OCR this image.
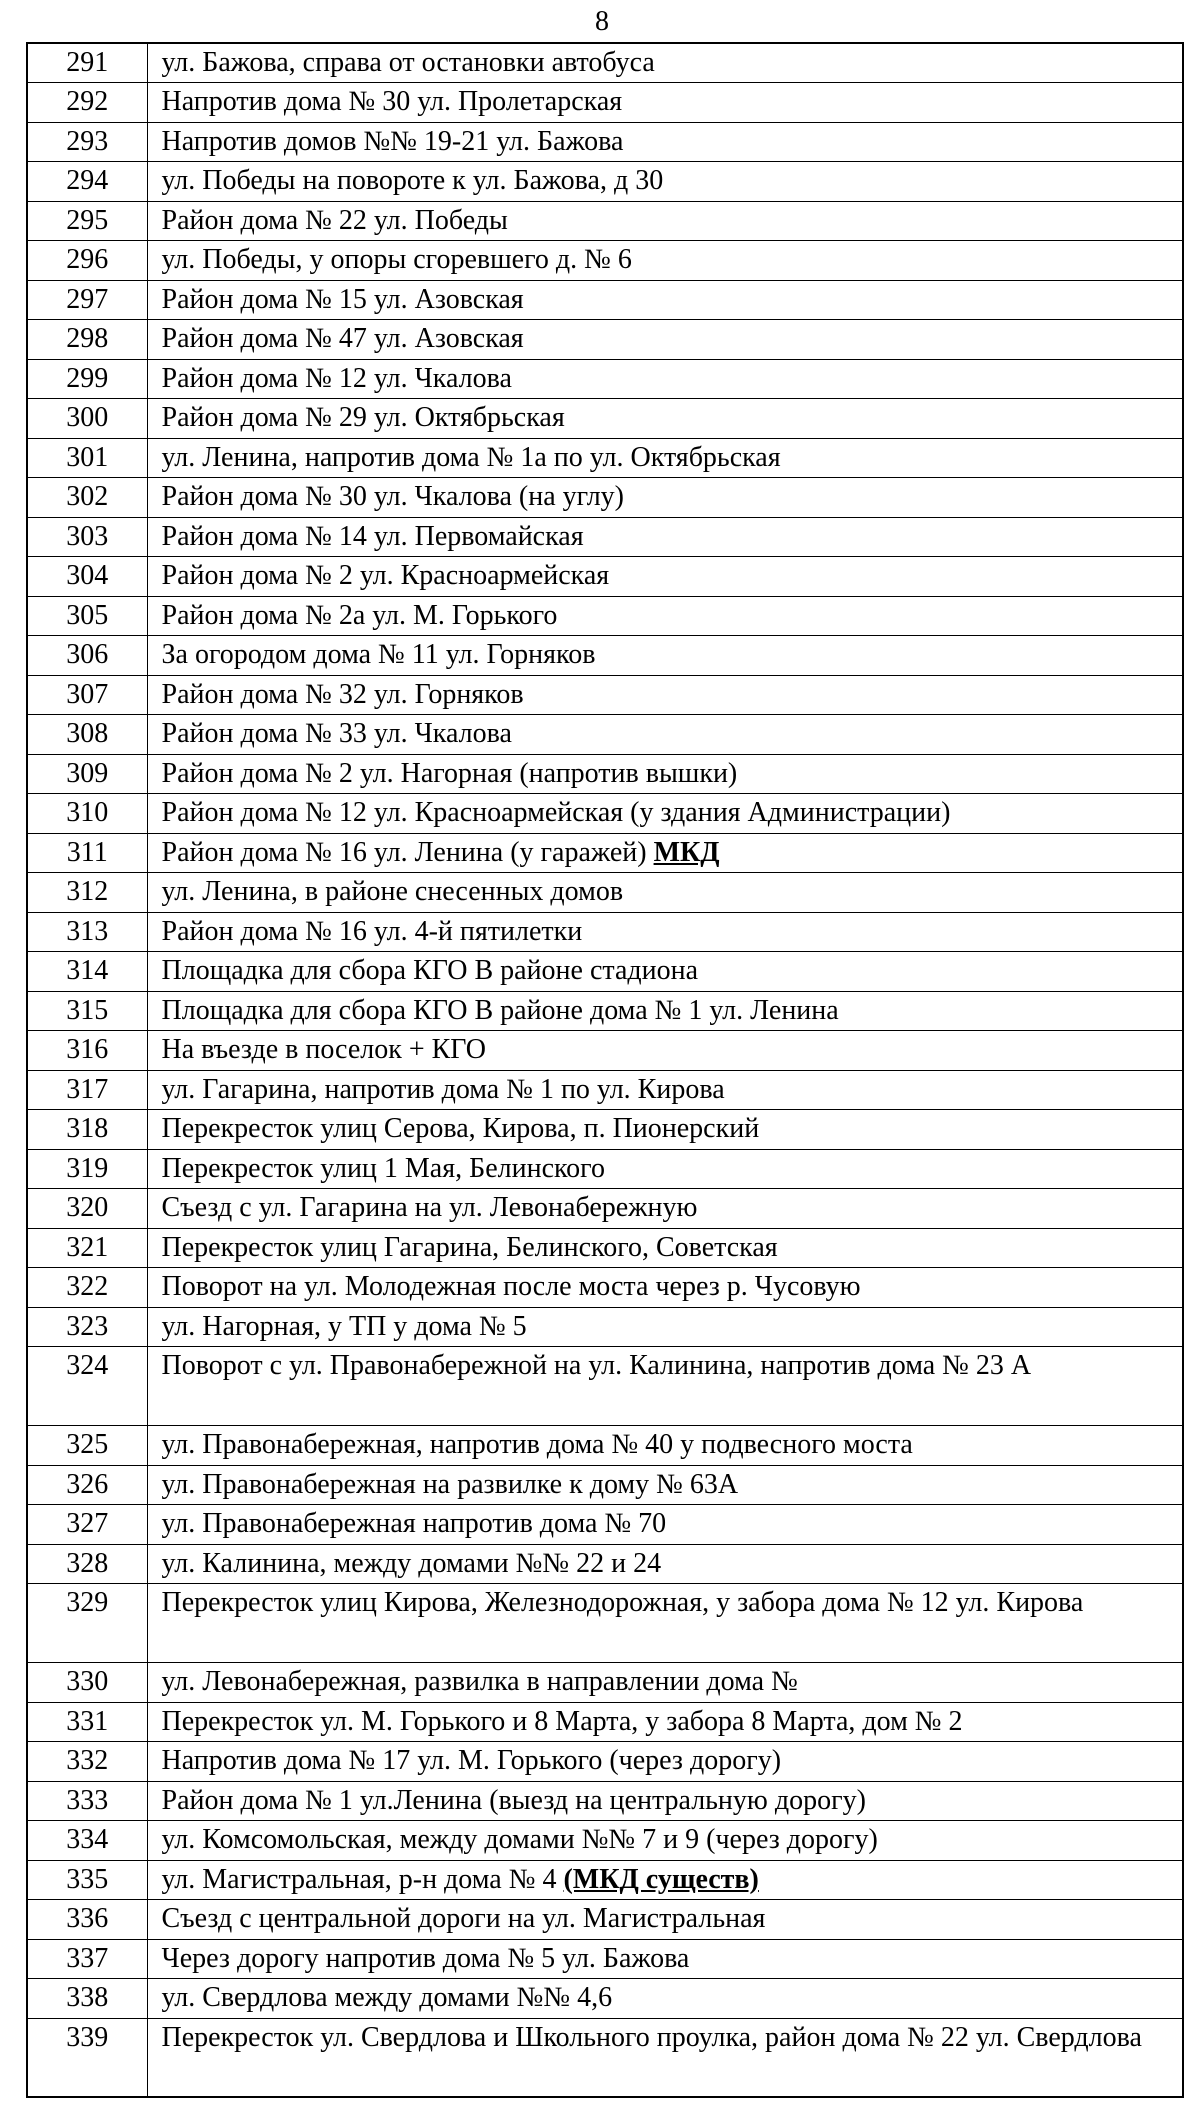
8
291	ул. Бажова, справа от остановки автобуса
292	Напротив дома № 30 ул. Пролетарская
293	Напротив домов №№ 19-21 ул. Бажова
294	ул. Победы на повороте к ул. Бажова, д 30
295	Район дома № 22 ул. Победы
296	ул. Победы, у опоры сгоревшего д. № 6
297	Район дома № 15 ул. Азовская
298	Район дома № 47 ул. Азовская
299	Район дома № 12 ул. Чкалова
300	Район дома № 29 ул. Октябрьская
301	ул. Ленина, напротив дома № 1а по ул. Октябрьская
302	Район дома № 30 ул. Чкалова (на углу)
303	Район дома № 14 ул. Первомайская
304	Район дома № 2 ул. Красноармейская
305	Район дома № 2а ул. М. Горького
306	За огородом дома № 11 ул. Горняков
307	Район дома № 32 ул. Горняков
308	Район дома № 33 ул. Чкалова
309	Район дома № 2 ул. Нагорная (напротив вышки)
310	Район дома № 12 ул. Красноармейская (у здания Администрации)
311	Район дома № 16 ул. Ленина (у гаражей) МКД
312	ул. Ленина, в районе снесенных домов
313	Район дома № 16 ул. 4-й пятилетки
314	Площадка для сбора КГО В районе стадиона
315	Площадка для сбора КГО В районе дома № 1 ул. Ленина
316	На въезде в поселок + КГО
317	ул. Гагарина, напротив дома № 1 по ул. Кирова
318	Перекресток улиц Серова, Кирова, п. Пионерский
319	Перекресток улиц 1 Мая, Белинского
320	Съезд с ул. Гагарина на ул. Левонабережную
321	Перекресток улиц Гагарина, Белинского, Советская
322	Поворот на ул. Молодежная после моста через р. Чусовую
323	ул. Нагорная, у ТП у дома № 5
324	Поворот с ул. Правонабережной на ул. Калинина, напротив дома № 23 А
325	ул. Правонабережная, напротив дома № 40 у подвесного моста
326	ул. Правонабережная на развилке к дому № 63А
327	ул. Правонабережная напротив дома № 70
328	ул. Калинина, между домами №№ 22 и 24
329	Перекресток улиц Кирова, Железнодорожная, у забора дома № 12 ул. Кирова
330	ул. Левонабережная, развилка в направлении дома №
331	Перекресток ул. М. Горького и 8 Марта, у забора 8 Марта, дом № 2
332	Напротив дома № 17 ул. М. Горького (через дорогу)
333	Район дома № 1 ул.Ленина (выезд на центральную дорогу)
334	ул. Комсомольская, между домами №№ 7 и 9 (через дорогу)
335	ул. Магистральная, р-н дома № 4 (МКД существ)
336	Съезд с центральной дороги на ул. Магистральная
337	Через дорогу напротив дома № 5 ул. Бажова
338	ул. Свердлова между домами №№ 4,6
339	Перекресток ул. Свердлова и Школьного проулка, район дома № 22 ул. Свердлова
